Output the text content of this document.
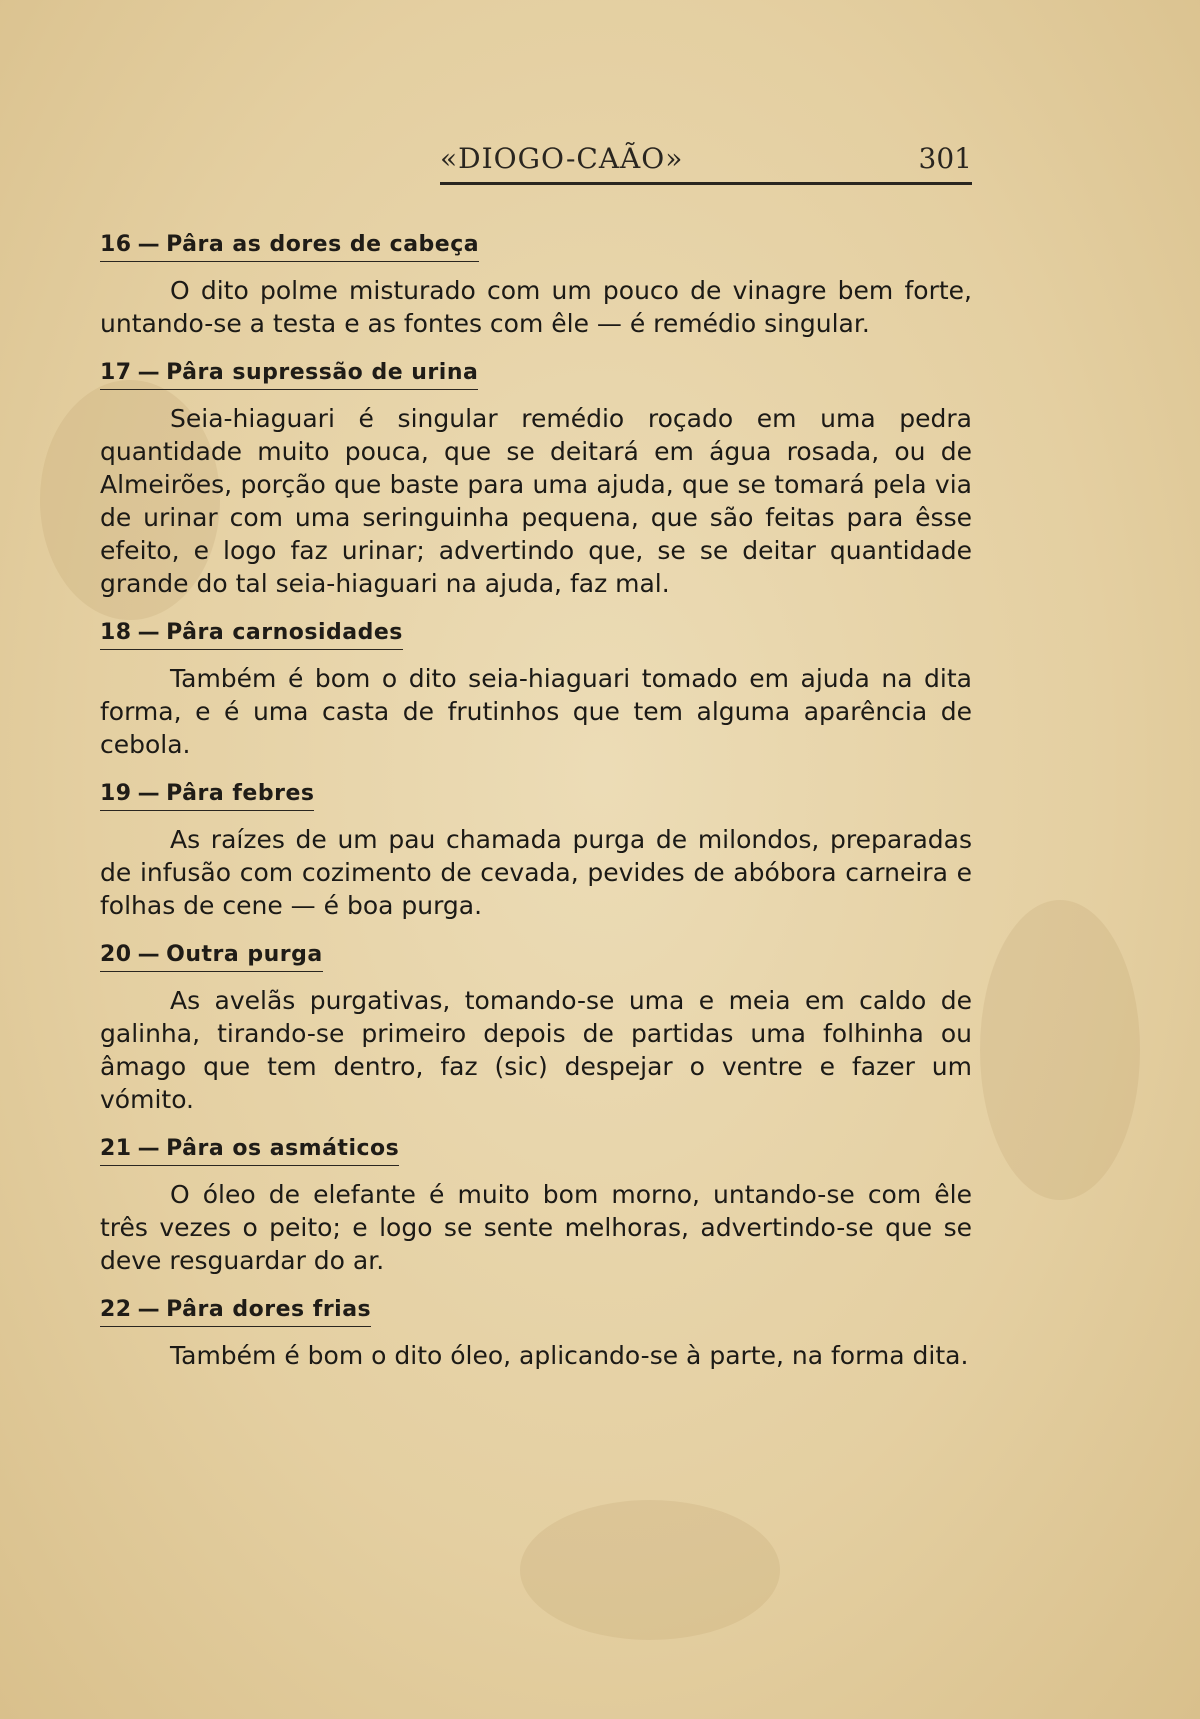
«DIOGO-CAÃO»	301
16 — Pâra as dores de cabeça

O dito polme misturado com um pouco de vinagre bem forte, untando-se a testa e as fontes com êle — é remédio singular.

17 — Pâra supressão de urina

Seia-hiaguari é singular remédio roçado em uma pedra quantidade muito pouca, que se deitará em água rosada, ou de Almeirões, porção que baste para uma ajuda, que se tomará pela via de urinar com uma seringuinha pequena, que são feitas para êsse efeito, e logo faz urinar; advertindo que, se se deitar quantidade grande do tal seia-hiaguari na ajuda, faz mal.

18 — Pâra carnosidades

Também é bom o dito seia-hiaguari tomado em ajuda na dita forma, e é uma casta de frutinhos que tem alguma aparência de cebola.

19 — Pâra febres

As raízes de um pau chamada purga de milondos, preparadas de infusão com cozimento de cevada, pevides de abóbora carneira e folhas de cene — é boa purga.

20 — Outra purga

As avelãs purgativas, tomando-se uma e meia em caldo de galinha, tirando-se primeiro depois de partidas uma folhinha ou âmago que tem dentro, faz (sic) despejar o ventre e fazer um vómito.

21 — Pâra os asmáticos

O óleo de elefante é muito bom morno, untando-se com êle três vezes o peito; e logo se sente melhoras, advertindo-se que se deve resguardar do ar.

22 — Pâra dores frias

Também é bom o dito óleo, aplicando-se à parte, na forma dita.
